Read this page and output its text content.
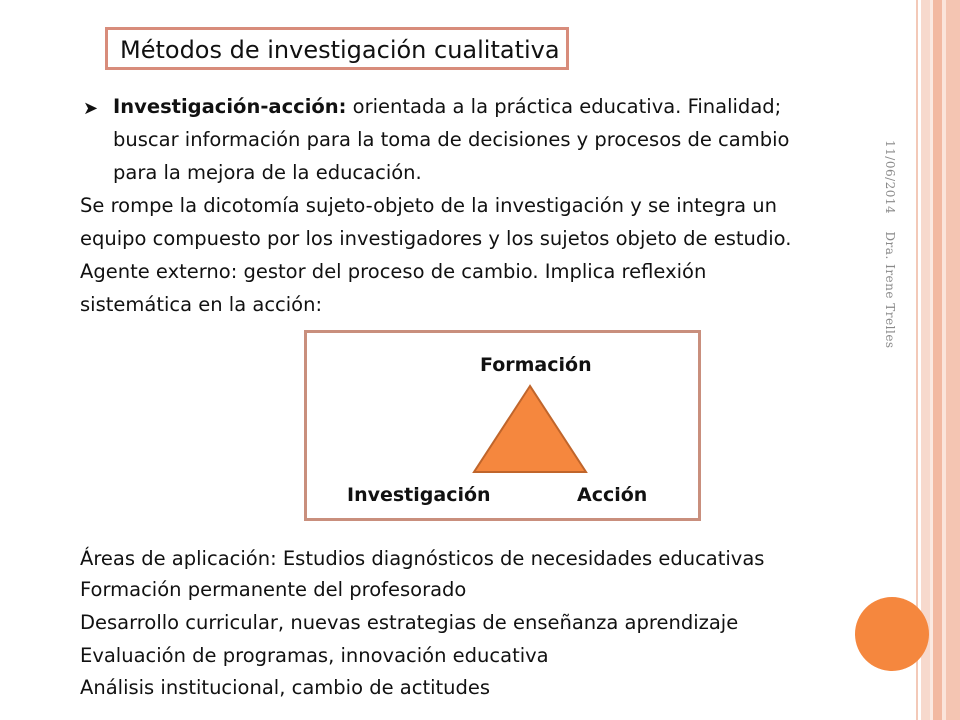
Métodos de investigación cualitativa
11/06/2014    Dra. Irene Trelles
➤ Investigación-acción: orientada a la práctica educativa. Finalidad;
buscar información para la toma de decisiones y procesos de cambio
para la mejora de la educación.
Se rompe la dicotomía sujeto-objeto de la investigación y se integra un
equipo compuesto por los investigadores y los sujetos objeto de estudio.
Agente externo: gestor del proceso de cambio. Implica reflexión
sistemática en la acción:
Formación
Investigación	Acción
Áreas de aplicación: Estudios diagnósticos de necesidades educativas
Formación permanente del profesorado
Desarrollo curricular, nuevas estrategias de enseñanza aprendizaje
Evaluación de programas, innovación educativa
Análisis institucional, cambio de actitudes
